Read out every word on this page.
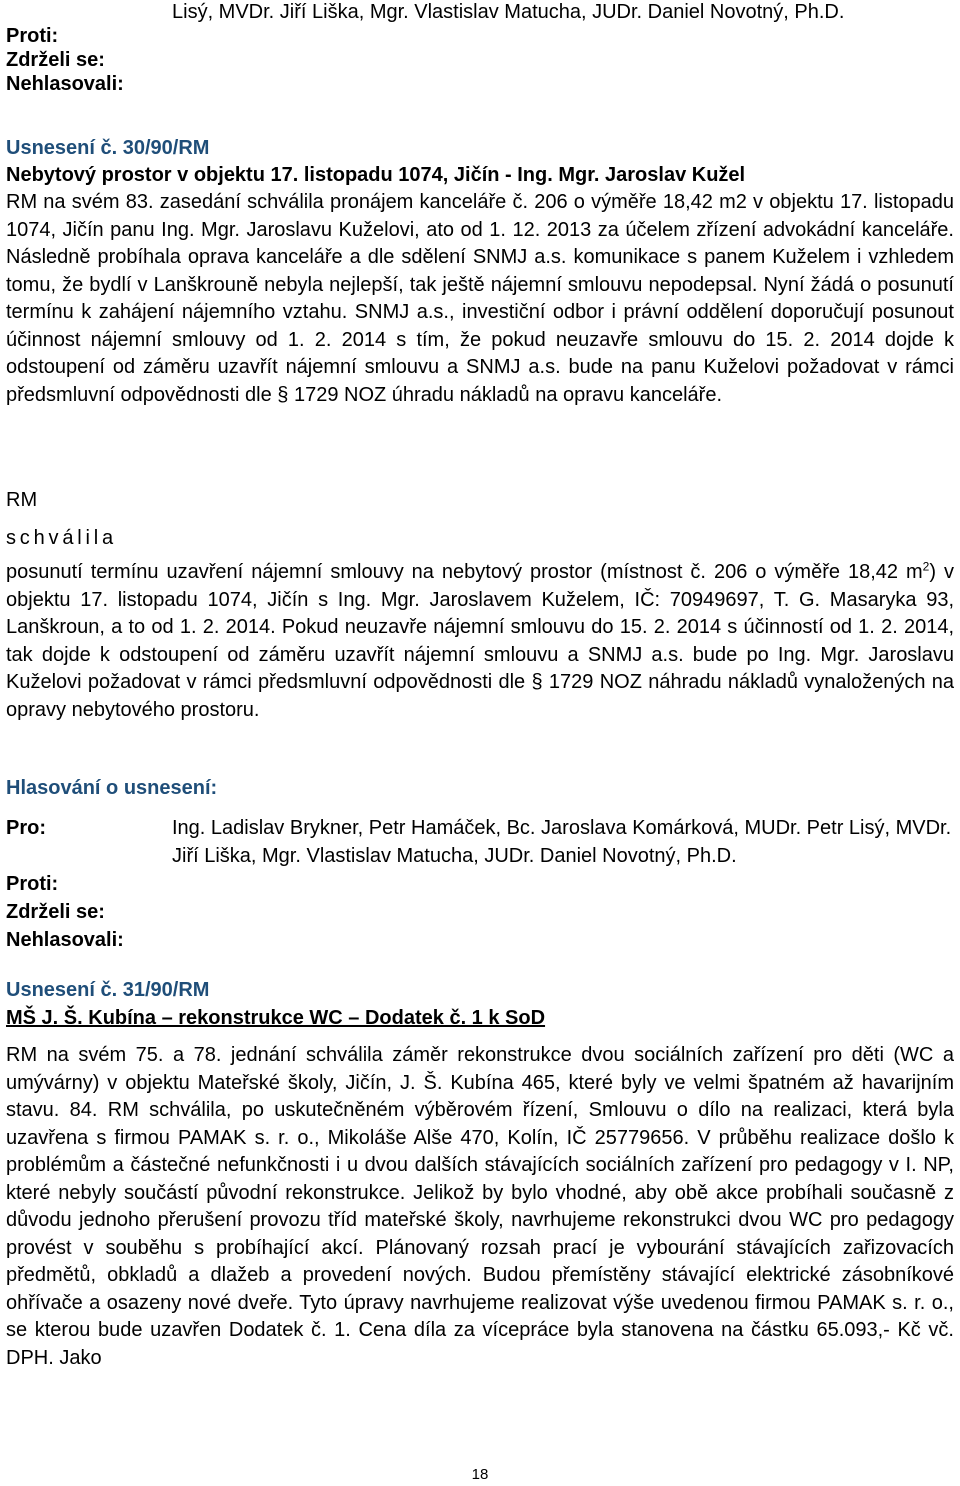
Lisý, MVDr. Jiří Liška, Mgr. Vlastislav Matucha, JUDr. Daniel Novotný, Ph.D.
Proti:
Zdrželi se:
Nehlasovali:
Usnesení č. 30/90/RM
Nebytový prostor v objektu 17. listopadu 1074, Jičín - Ing. Mgr. Jaroslav Kužel

RM na svém 83. zasedání schválila pronájem kanceláře č. 206 o výměře 18,42 m2 v objektu 17. listopadu 1074, Jičín panu Ing. Mgr. Jaroslavu Kuželovi, ato od 1. 12. 2013 za účelem zřízení advokádní kanceláře. Následně probíhala oprava kanceláře a dle sdělení SNMJ a.s. komunikace s panem Kuželem i vzhledem tomu, že bydlí v Lanškrouně nebyla nejlepší, tak ještě nájemní smlouvu nepodepsal. Nyní žádá o posunutí termínu k zahájení nájemního vztahu. SNMJ a.s., investiční odbor i právní oddělení doporučují posunout účinnost nájemní smlouvy od 1. 2. 2014 s tím, že pokud neuzavře smlouvu do 15. 2. 2014 dojde k odstoupení od záměru uzavřít nájemní smlouvu a SNMJ a.s. bude na panu Kuželovi požadovat v rámci předsmluvní odpovědnosti dle § 1729 NOZ úhradu nákladů na opravu kanceláře.

RM
schválila

posunutí termínu uzavření nájemní smlouvy na nebytový prostor (místnost č. 206 o výměře 18,42 $m^2$) v objektu 17. listopadu 1074, Jičín s Ing. Mgr. Jaroslavem Kuželem, IČ: 70949697, T. G. Masaryka 93, Lanškroun, a to od 1. 2. 2014. Pokud neuzavře nájemní smlouvu do 15. 2. 2014 s účinností od 1. 2. 2014, tak dojde k odstoupení od záměru uzavřít nájemní smlouvu a SNMJ a.s. bude po Ing. Mgr. Jaroslavu Kuželovi požadovat v rámci předsmluvní odpovědnosti dle § 1729 NOZ náhradu nákladů vynaložených na opravy nebytového prostoru.

Hlasování o usnesení:
Pro:	Ing. Ladislav Brykner, Petr Hamáček, Bc. Jaroslava Komárková, MUDr. Petr Lisý, MVDr. Jiří Liška, Mgr. Vlastislav Matucha, JUDr. Daniel Novotný, Ph.D.
Proti:
Zdrželi se:
Nehlasovali:
Usnesení č. 31/90/RM
MŠ J. Š. Kubína – rekonstrukce WC – Dodatek č. 1 k SoD

RM na svém 75. a 78. jednání schválila záměr rekonstrukce dvou sociálních zařízení pro děti (WC a umývárny) v objektu Mateřské školy, Jičín, J. Š. Kubína 465, které byly ve velmi špatném až havarijním stavu. 84. RM schválila, po uskutečněném výběrovém řízení, Smlouvu o dílo na realizaci, která byla uzavřena s firmou PAMAK s. r. o., Mikoláše Alše 470, Kolín, IČ 25779656. V průběhu realizace došlo k problémům a částečné nefunkčnosti i u dvou dalších stávajících sociálních zařízení pro pedagogy v I. NP, které nebyly součástí původní rekonstrukce. Jelikož by bylo vhodné, aby obě akce probíhali současně z důvodu jednoho přerušení provozu tříd mateřské školy, navrhujeme rekonstrukci dvou WC pro pedagogy provést v souběhu s probíhající akcí. Plánovaný rozsah prací je vybourání stávajících zařizovacích předmětů, obkladů a dlažeb a provedení nových. Budou přemístěny stávající elektrické zásobníkové ohřívače a osazeny nové dveře. Tyto úpravy navrhujeme realizovat výše uvedenou firmou PAMAK s. r. o., se kterou bude uzavřen Dodatek č. 1. Cena díla za vícepráce byla stanovena na částku 65.093,- Kč vč. DPH. Jako

18
